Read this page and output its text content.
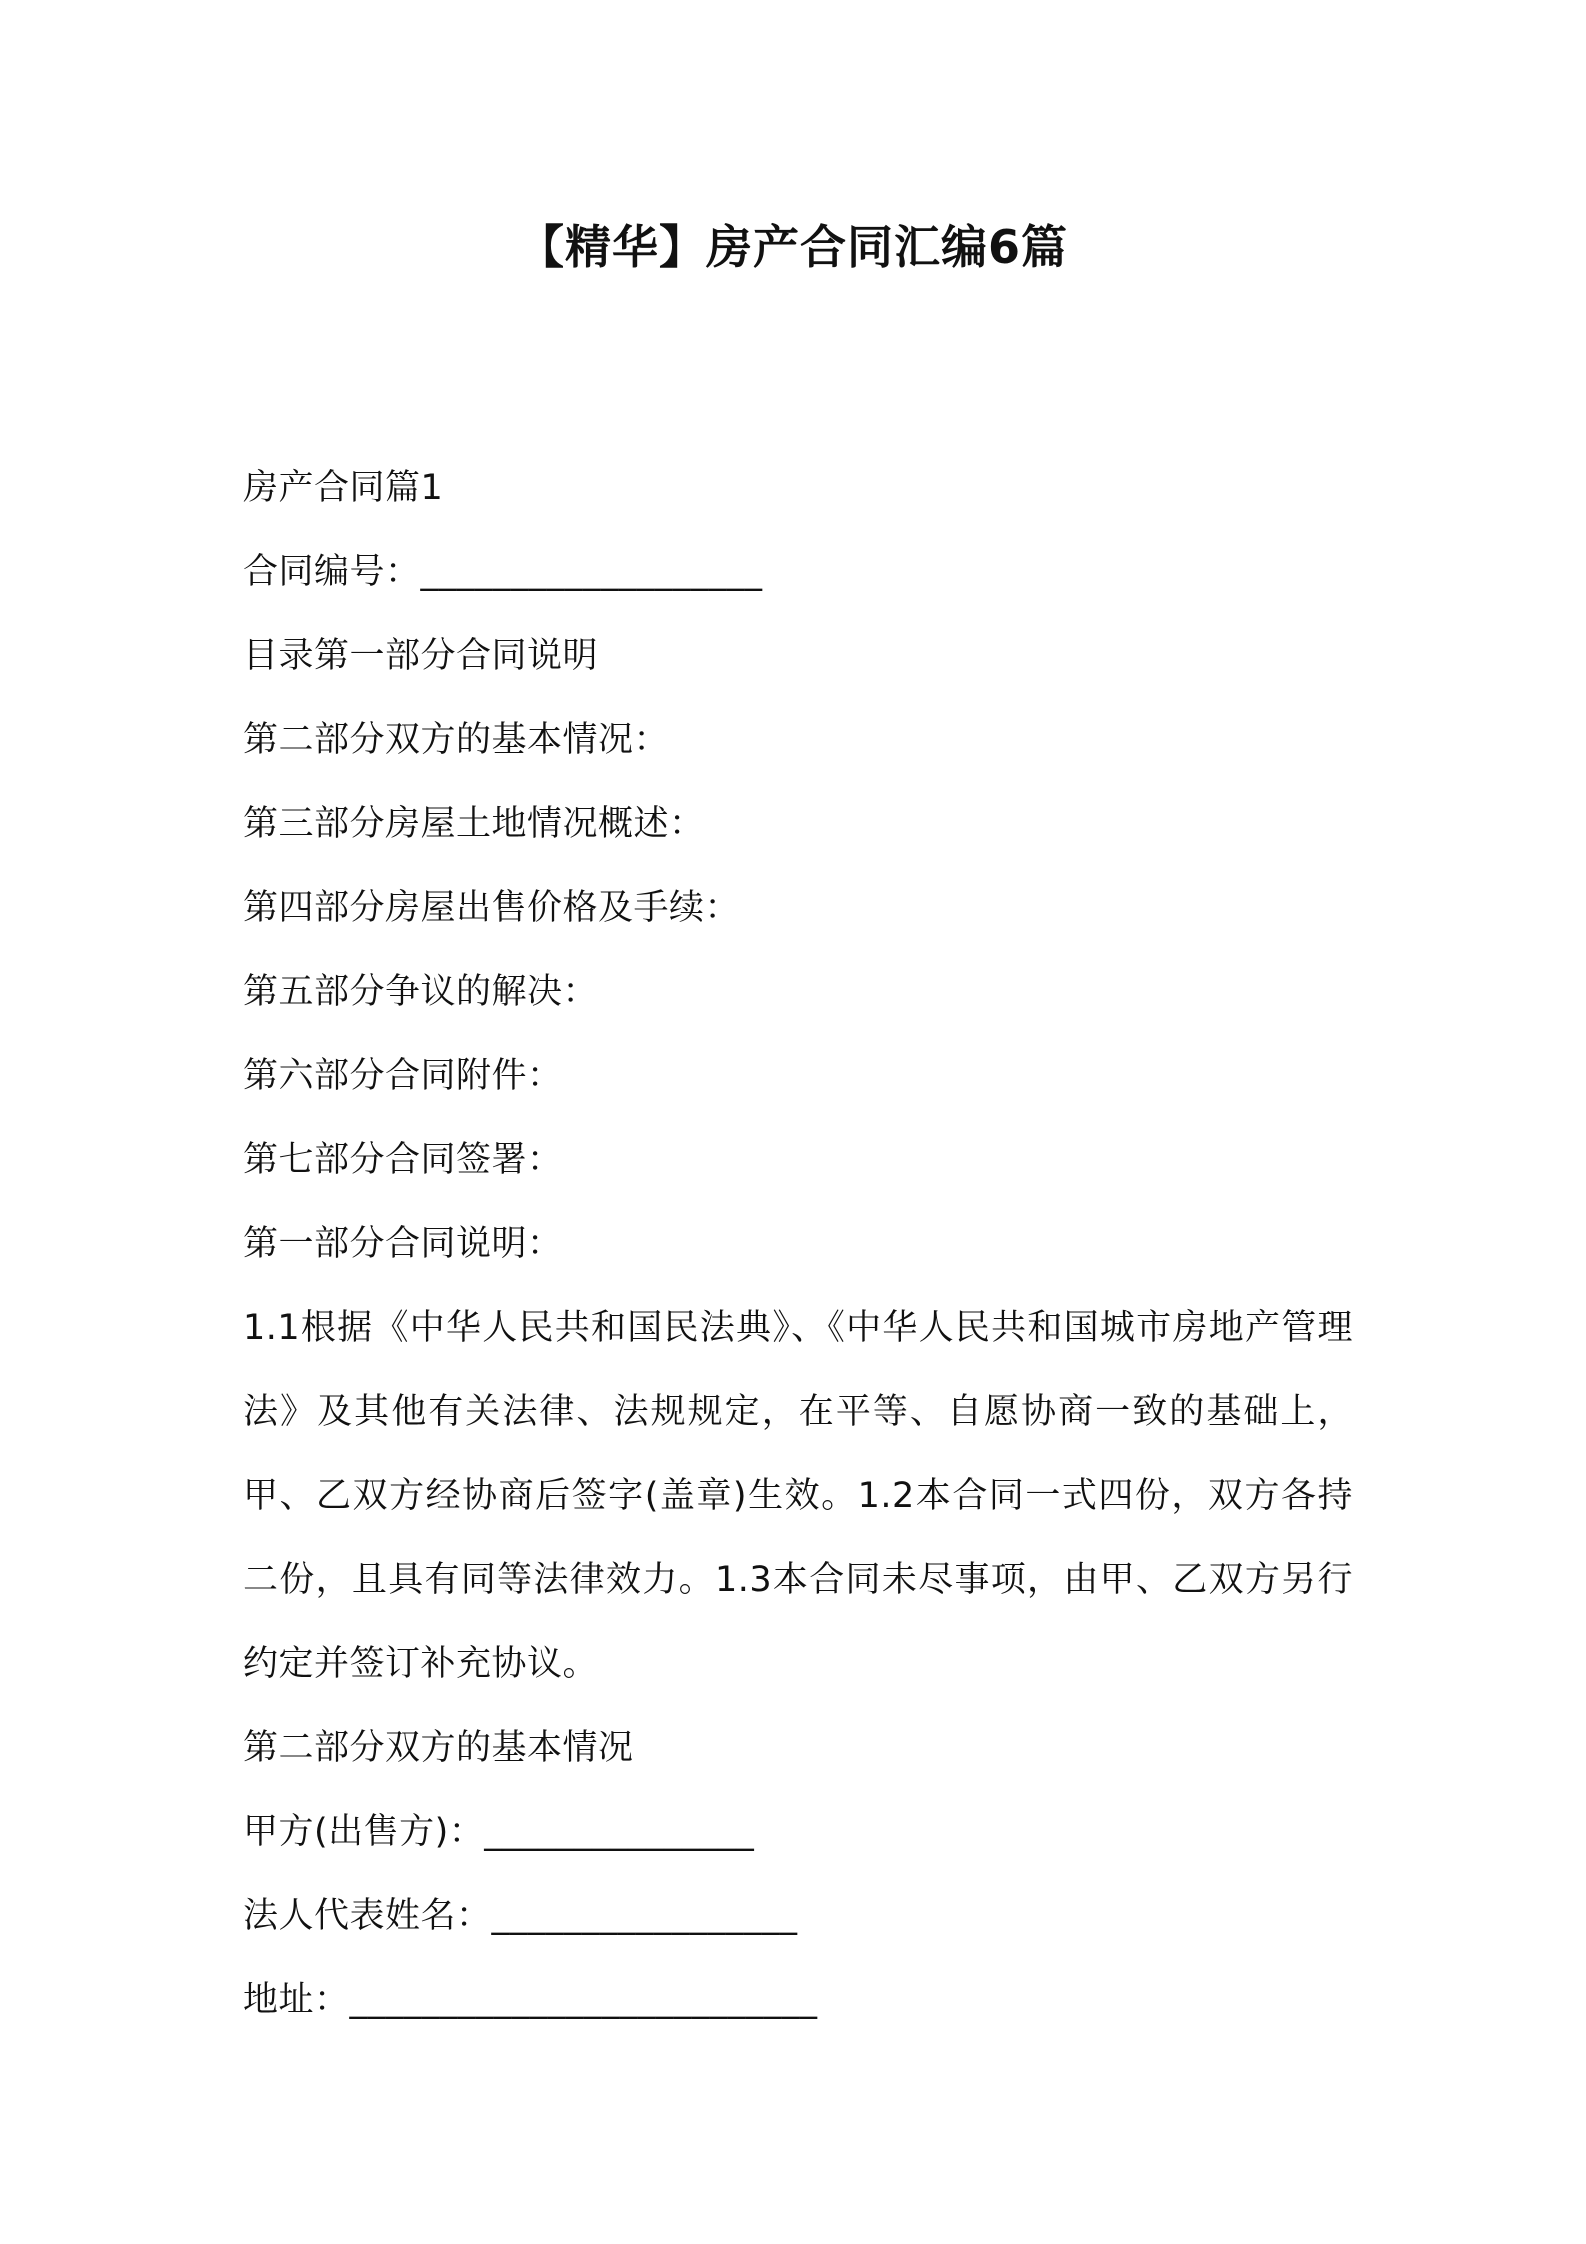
【精华】房产合同汇编6篇
房产合同篇1
合同编号：___________________
目录第一部分合同说明
第二部分双方的基本情况：
第三部分房屋土地情况概述：
第四部分房屋出售价格及手续：
第五部分争议的解决：
第六部分合同附件：
第七部分合同签署：
第一部分合同说明：
1.1根据《中华人民共和国民法典》、《中华人民共和国城市房地产管理法》及其他有关法律、法规规定，在平等、自愿协商一致的基础上，甲、乙双方经协商后签字(盖章)生效。1.2本合同一式四份，双方各持二份，且具有同等法律效力。1.3本合同未尽事项，由甲、乙双方另行约定并签订补充协议。
第二部分双方的基本情况
甲方(出售方)：_______________
法人代表姓名：_________________
地址：__________________________
